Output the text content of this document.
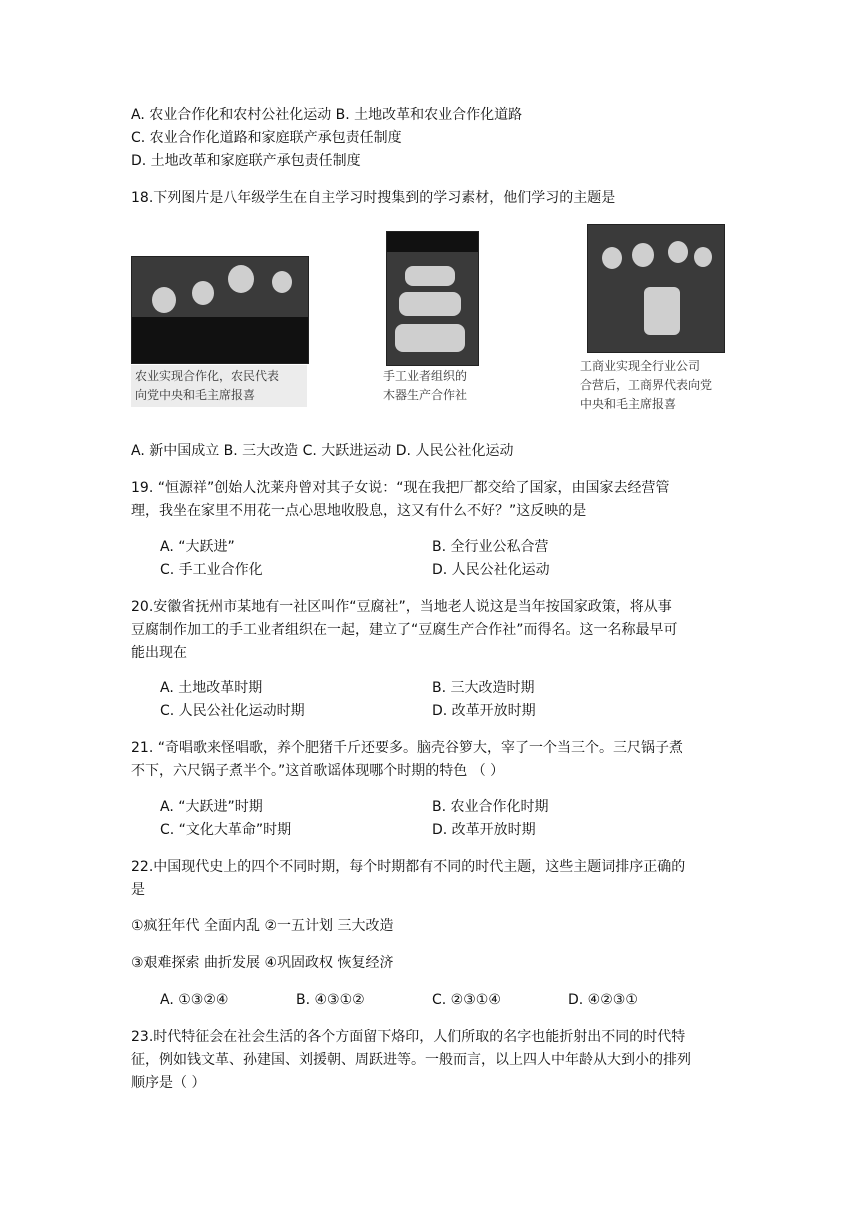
A. 农业合作化和农村公社化运动 B. 土地改革和农业合作化道路
C. 农业合作化道路和家庭联产承包责任制度
D. 土地改革和家庭联产承包责任制度
18.下列图片是八年级学生在自主学习时搜集到的学习素材，他们学习的主题是
农业实现合作化，农民代表
向党中央和毛主席报喜
手工业者组织的
木器生产合作社
工商业实现全行业公司
合营后，工商界代表向党
中央和毛主席报喜
A. 新中国成立 B. 三大改造 C. 大跃进运动 D. 人民公社化运动
19. “恒源祥”创始人沈莱舟曾对其子女说：“现在我把厂都交给了国家，由国家去经营管
理，我坐在家里不用花一点心思地收股息，这又有什么不好？”这反映的是
A. “大跃进”	B. 全行业公私合营
C. 手工业合作化	D. 人民公社化运动
20.安徽省抚州市某地有一社区叫作“豆腐社”，当地老人说这是当年按国家政策，将从事
豆腐制作加工的手工业者组织在一起，建立了“豆腐生产合作社”而得名。这一名称最早可
能出现在
A. 土地改革时期	B. 三大改造时期
C. 人民公社化运动时期	D. 改革开放时期
21. “奇唱歌来怪唱歌，养个肥猪千斤还要多。脑壳谷箩大，宰了一个当三个。三尺锅子煮
不下，六尺锅子煮半个。”这首歌谣体现哪个时期的特色 （ ）
A. “大跃进”时期	B. 农业合作化时期
C. “文化大革命”时期	D. 改革开放时期
22.中国现代史上的四个不同时期，每个时期都有不同的时代主题，这些主题词排序正确的
是
①疯狂年代 全面内乱 ②一五计划 三大改造
③艰难探索 曲折发展 ④巩固政权 恢复经济
A. ①③②④	B. ④③①②	C. ②③①④	D. ④②③①
23.时代特征会在社会生活的各个方面留下烙印，人们所取的名字也能折射出不同的时代特
征，例如钱文革、孙建国、刘援朝、周跃进等。一般而言，以上四人中年龄从大到小的排列
顺序是（ ）
